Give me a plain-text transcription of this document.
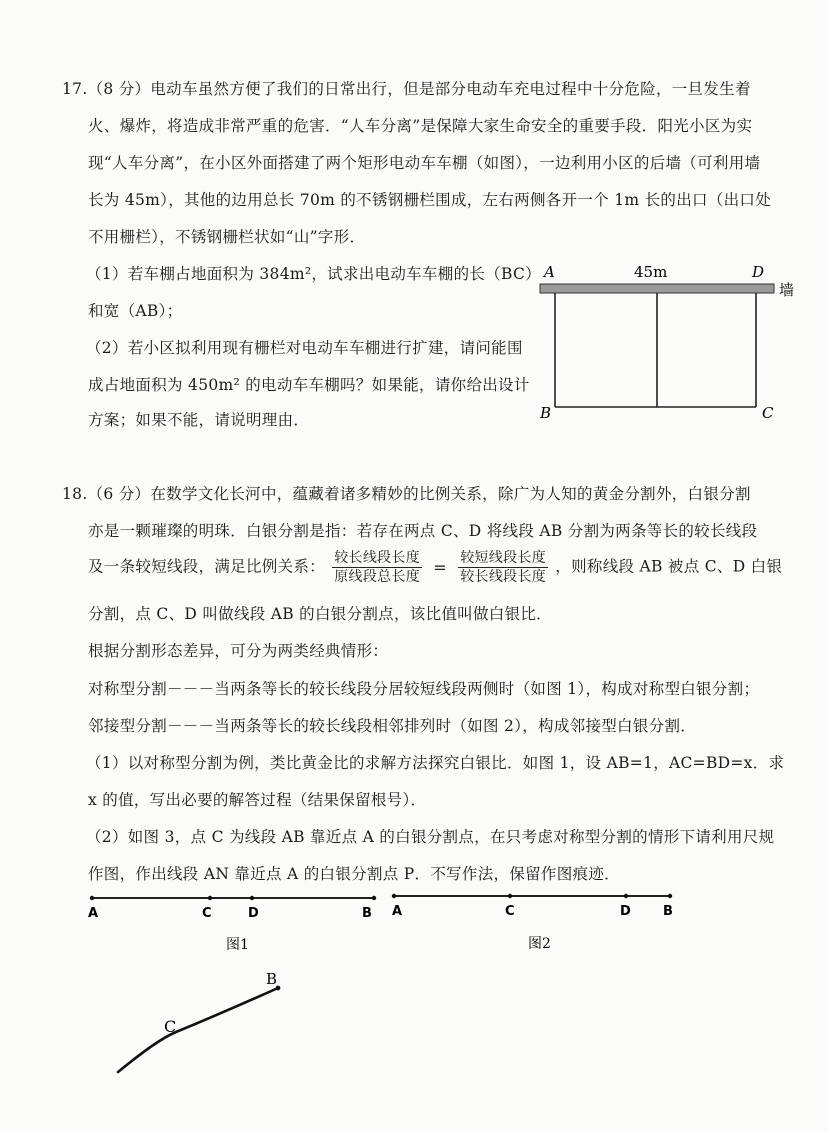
17.（8 分）电动车虽然方便了我们的日常出行，但是部分电动车充电过程中十分危险，一旦发生着
火、爆炸，将造成非常严重的危害．“人车分离”是保障大家生命安全的重要手段．阳光小区为实
现“人车分离”，在小区外面搭建了两个矩形电动车车棚（如图），一边利用小区的后墙（可利用墙
长为 45m），其他的边用总长 70m 的不锈钢栅栏围成，左右两侧各开一个 1m 长的出口（出口处
不用栅栏），不锈钢栅栏状如“山”字形．
（1）若车棚占地面积为 384m²，试求出电动车车棚的长（BC）
和宽（AB）；
（2）若小区拟利用现有栅栏对电动车车棚进行扩建，请问能围
成占地面积为 450m² 的电动车车棚吗？如果能，请你给出设计
方案；如果不能，请说明理由．
A	45m	D
墙
B	C
18.（6 分）在数学文化长河中，蕴藏着诸多精妙的比例关系，除广为人知的黄金分割外，白银分割
亦是一颗璀璨的明珠．白银分割是指：若存在两点 C、D 将线段 AB 分割为两条等长的较长线段
及一条较短线段，满足比例关系： $\frac{\text{较长线段长度}}{\text{原线段总长度}} = \frac{\text{较短线段长度}}{\text{较长线段长度}}$ ，则称线段 AB 被点 C、D 白银
分割，点 C、D 叫做线段 AB 的白银分割点，该比值叫做白银比．
根据分割形态差异，可分为两类经典情形：
对称型分割－－－当两条等长的较长线段分居较短线段两侧时（如图 1），构成对称型白银分割；
邻接型分割－－－当两条等长的较长线段相邻排列时（如图 2），构成邻接型白银分割．
（1）以对称型分割为例，类比黄金比的求解方法探究白银比．如图 1，设 AB=1，AC=BD=x．求
x 的值，写出必要的解答过程（结果保留根号）．
（2）如图 3，点 C 为线段 AB 靠近点 A 的白银分割点，在只考虑对称型分割的情形下请利用尺规
作图，作出线段 AN 靠近点 A 的白银分割点 P．不写作法，保留作图痕迹．
A	C	D	B
图1
A	C	D B
图2
B
C
